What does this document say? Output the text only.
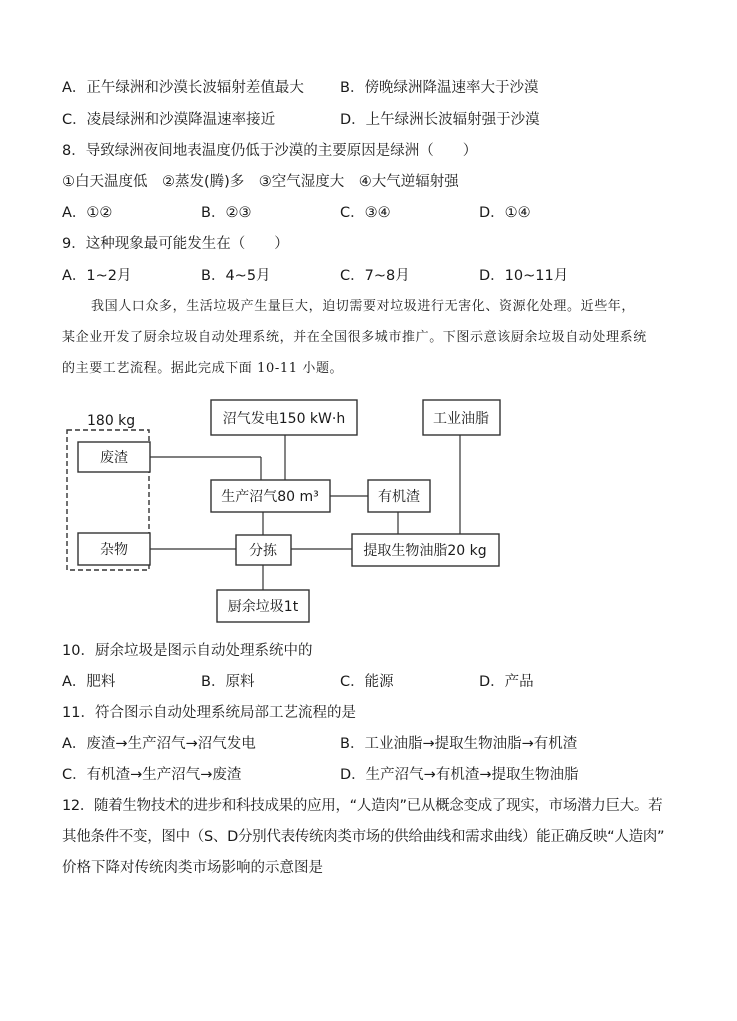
A．正午绿洲和沙漠长波辐射差值最大 B．傍晚绿洲降温速率大于沙漠
C．凌晨绿洲和沙漠降温速率接近	D．上午绿洲长波辐射强于沙漠
8．导致绿洲夜间地表温度仍低于沙漠的主要原因是绿洲（　　）
①白天温度低　②蒸发(腾)多　③空气湿度大　④大气逆辐射强
A．①②	B．②③	C．③④	D．①④
9．这种现象最可能发生在（　　）
A．1~2月	B．4~5月	C．7~8月	D．10~11月
我国人口众多，生活垃圾产生量巨大，迫切需要对垃圾进行无害化、资源化处理。近些年，
某企业开发了厨余垃圾自动处理系统，并在全国很多城市推广。下图示意该厨余垃圾自动处理系统
的主要工艺流程。据此完成下面 10-11 小题。
180 kg
废渣
杂物
沼气发电150 kW·h
生产沼气80 m³	有机渣
工业油脂
分拣	提取生物油脂20 kg
厨余垃圾1t
10．厨余垃圾是图示自动处理系统中的
A．肥料	B．原料	C．能源	D．产品
11．符合图示自动处理系统局部工艺流程的是
A．废渣→生产沼气→沼气发电	B．工业油脂→提取生物油脂→有机渣
C．有机渣→生产沼气→废渣	D．生产沼气→有机渣→提取生物油脂
12．随着生物技术的进步和科技成果的应用，“人造肉”已从概念变成了现实，市场潜力巨大。若
其他条件不变，图中（S、D分别代表传统肉类市场的供给曲线和需求曲线）能正确反映“人造肉”
价格下降对传统肉类市场影响的示意图是
